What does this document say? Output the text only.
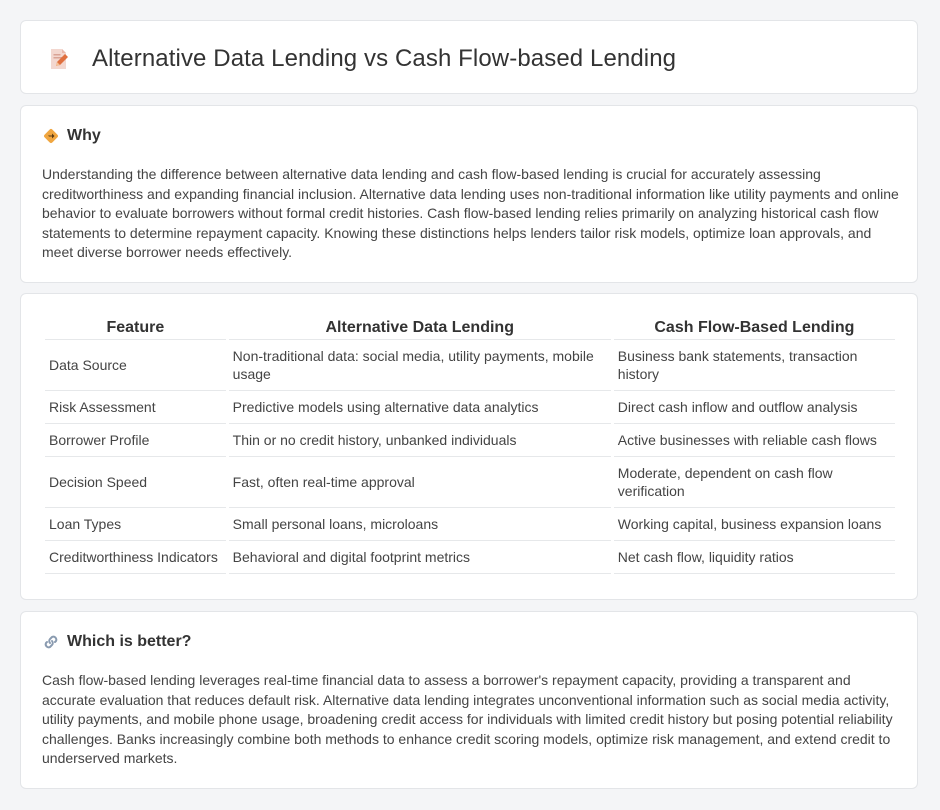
Alternative Data Lending vs Cash Flow-based Lending
Why

Understanding the difference between alternative data lending and cash flow-based lending is crucial for accurately assessing creditworthiness and expanding financial inclusion. Alternative data lending uses non-traditional information like utility payments and online behavior to evaluate borrowers without formal credit histories. Cash flow-based lending relies primarily on analyzing historical cash flow statements to determine repayment capacity. Knowing these distinctions helps lenders tailor risk models, optimize loan approvals, and meet diverse borrower needs effectively.

Feature	Alternative Data Lending	Cash Flow-Based Lending
Data Source	Non-traditional data: social media, utility payments, mobile usage	Business bank statements, transaction history
Risk Assessment	Predictive models using alternative data analytics	Direct cash inflow and outflow analysis
Borrower Profile	Thin or no credit history, unbanked individuals	Active businesses with reliable cash flows
Decision Speed	Fast, often real-time approval	Moderate, dependent on cash flow verification
Loan Types	Small personal loans, microloans	Working capital, business expansion loans
Creditworthiness Indicators	Behavioral and digital footprint metrics	Net cash flow, liquidity ratios
Which is better?

Cash flow-based lending leverages real-time financial data to assess a borrower's repayment capacity, providing a transparent and accurate evaluation that reduces default risk. Alternative data lending integrates unconventional information such as social media activity, utility payments, and mobile phone usage, broadening credit access for individuals with limited credit history but posing potential reliability challenges. Banks increasingly combine both methods to enhance credit scoring models, optimize risk management, and extend credit to underserved markets.
